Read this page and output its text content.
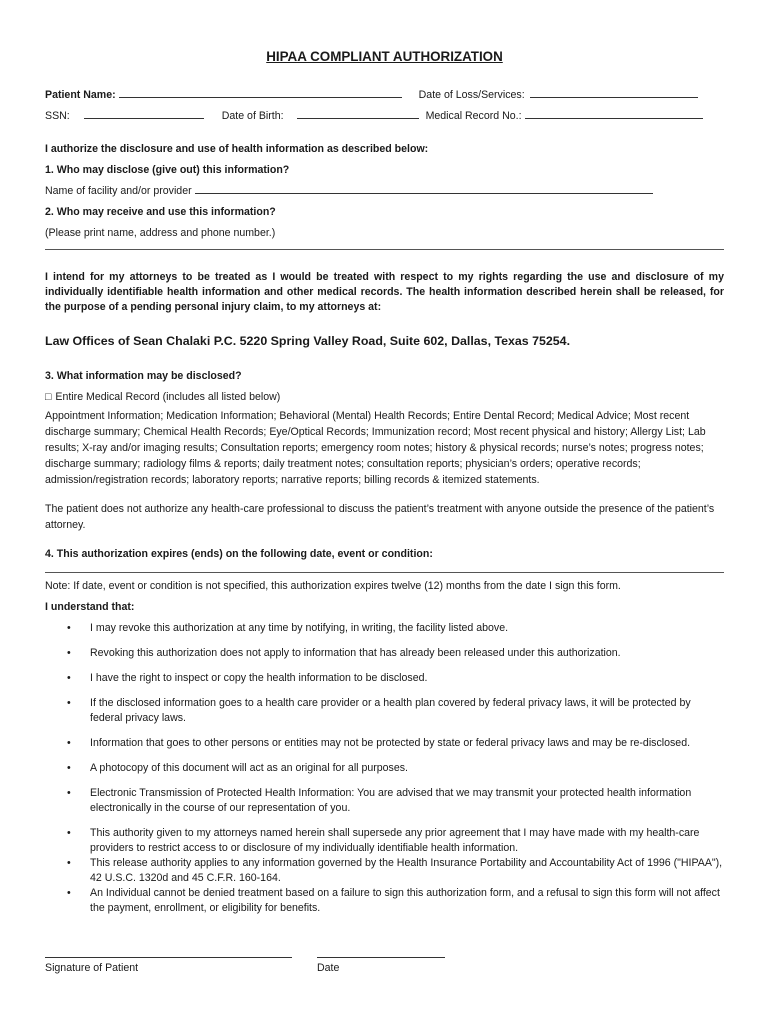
HIPAA COMPLIANT AUTHORIZATION
Patient Name:	Date of Loss/Services:
SSN:	Date of Birth:	Medical Record No.:

I authorize the disclosure and use of health information as described below:

1. Who may disclose (give out) this information?

Name of facility and/or provider

2. Who may receive and use this information?

(Please print name, address and phone number.)

I intend for my attorneys to be treated as I would be treated with respect to my rights regarding the use and disclosure of my individually identifiable health information and other medical records. The health information described herein shall be released, for the purpose of a pending personal injury claim, to my attorneys at:

Law Offices of Sean Chalaki P.C. 5220 Spring Valley Road, Suite 602, Dallas, Texas 75254.

3. What information may be disclosed?

□ Entire Medical Record (includes all listed below)

Appointment Information; Medication Information; Behavioral (Mental) Health Records; Entire Dental Record; Medical Advice; Most recent discharge summary; Chemical Health Records; Eye/Optical Records; Immunization record; Most recent physical and history; Allergy List; Lab results; X-ray and/or imaging results; Consultation reports; emergency room notes; history & physical records; nurse’s notes; progress notes; discharge summary; radiology films & reports; daily treatment notes; consultation reports; physician’s orders; operative records; admission/registration records; laboratory reports; narrative reports; billing records & itemized statements.

The patient does not authorize any health-care professional to discuss the patient’s treatment with anyone outside the presence of the patient’s attorney.

4. This authorization expires (ends) on the following date, event or condition:

Note: If date, event or condition is not specified, this authorization expires twelve (12) months from the date I sign this form.

I understand that:

• I may revoke this authorization at any time by notifying, in writing, the facility listed above.
• Revoking this authorization does not apply to information that has already been released under this authorization.
• I have the right to inspect or copy the health information to be disclosed.
• If the disclosed information goes to a health care provider or a health plan covered by federal privacy laws, it will be protected by federal privacy laws.
• Information that goes to other persons or entities may not be protected by state or federal privacy laws and may be re-disclosed.
• A photocopy of this document will act as an original for all purposes.
• Electronic Transmission of Protected Health Information: You are advised that we may transmit your protected health information electronically in the course of our representation of you.
• This authority given to my attorneys named herein shall supersede any prior agreement that I may have made with my health-care providers to restrict access to or disclosure of my individually identifiable health information.
• This release authority applies to any information governed by the Health Insurance Portability and Accountability Act of 1996 ("HIPAA"), 42 U.S.C. 1320d and 45 C.F.R. 160-164.
• An Individual cannot be denied treatment based on a failure to sign this authorization form, and a refusal to sign this form will not affect the payment, enrollment, or eligibility for benefits.
Signature of Patient	Date
